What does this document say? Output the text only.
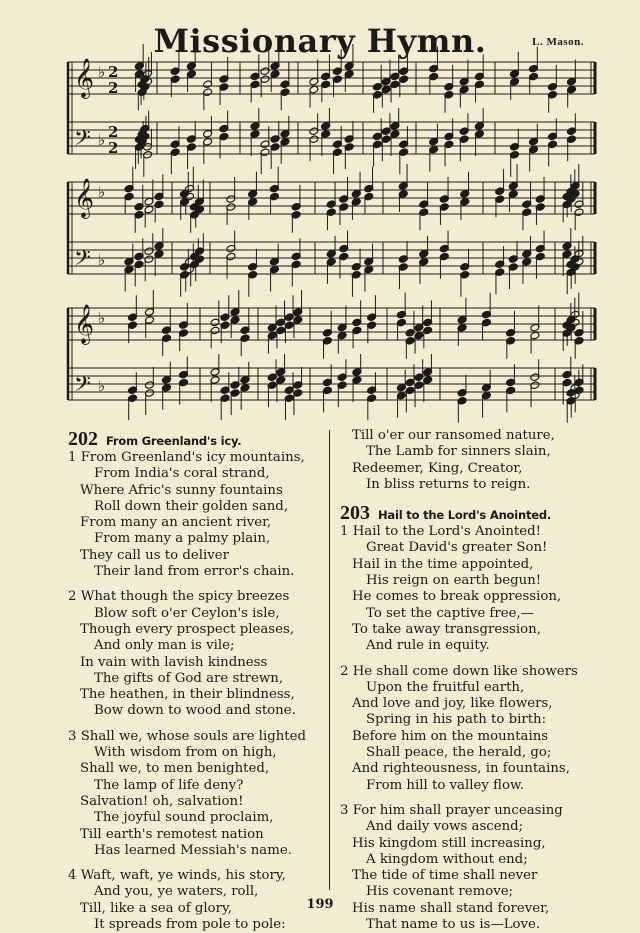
Missionary Hymn.	L. Mason.
𝄞 ♭ 2
2
𝄢 ♭ 2
2
𝄞 ♭
𝄢 ♭
𝄞 ♭
𝄢 ♭
202 From Greenland's icy.
1 From Greenland's icy mountains,
From India's coral strand,
Where Afric's sunny fountains
Roll down their golden sand,
From many an ancient river,
From many a palmy plain,
They call us to deliver
Their land from error's chain.
2 What though the spicy breezes
Blow soft o'er Ceylon's isle,
Though every prospect pleases,
And only man is vile;
In vain with lavish kindness
The gifts of God are strewn,
The heathen, in their blindness,
Bow down to wood and stone.
3 Shall we, whose souls are lighted
With wisdom from on high,
Shall we, to men benighted,
The lamp of life deny?
Salvation! oh, salvation!
The joyful sound proclaim,
Till earth's remotest nation
Has learned Messiah's name.
4 Waft, waft, ye winds, his story,
And you, ye waters, roll,
Till, like a sea of glory,
It spreads from pole to pole:
Till o'er our ransomed nature,
The Lamb for sinners slain,
Redeemer, King, Creator,
In bliss returns to reign.
203 Hail to the Lord's Anointed.
1 Hail to the Lord's Anointed!
Great David's greater Son!
Hail in the time appointed,
His reign on earth begun!
He comes to break oppression,
To set the captive free,—
To take away transgression,
And rule in equity.
2 He shall come down like showers
Upon the fruitful earth,
And love and joy, like flowers,
Spring in his path to birth:
Before him on the mountains
Shall peace, the herald, go;
And righteousness, in fountains,
From hill to valley flow.
3 For him shall prayer unceasing
And daily vows ascend;
His kingdom still increasing,
A kingdom without end;
The tide of time shall never
His covenant remove;
His name shall stand forever,
That name to us is—Love.
199
